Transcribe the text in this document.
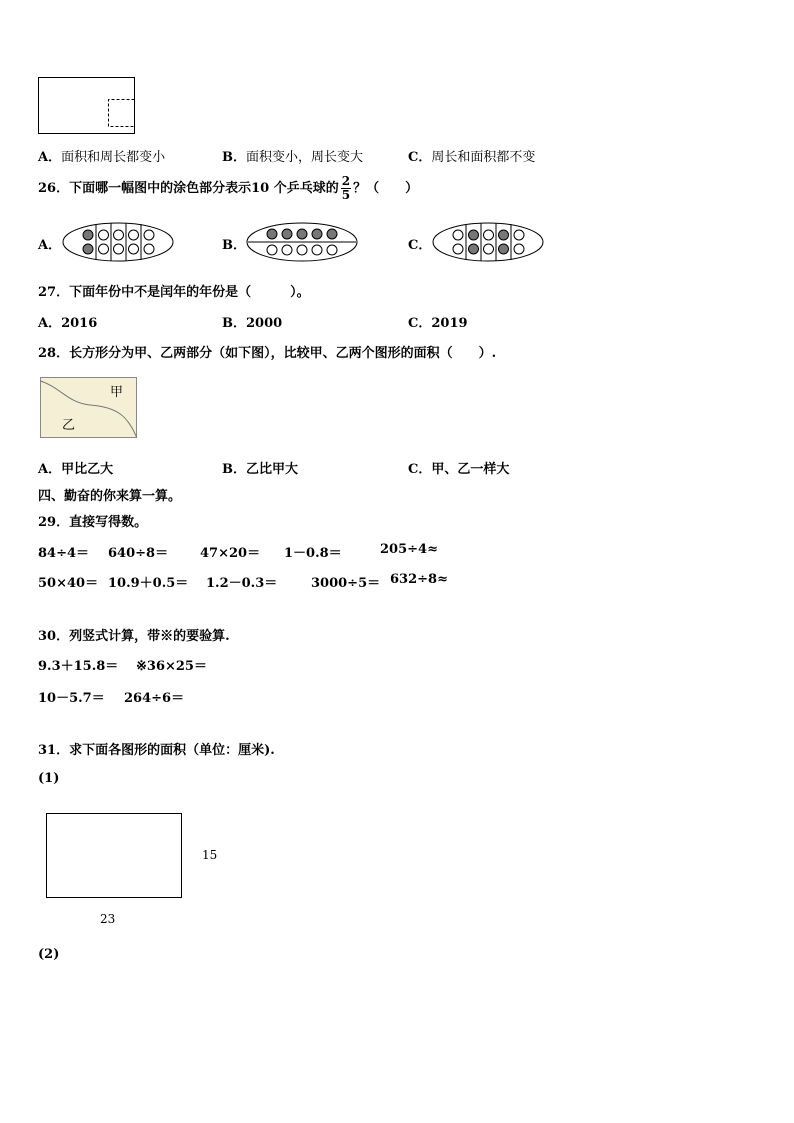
A．面积和周长都变小	B．面积变小，周长变大	C．周长和面积都不变
26．下面哪一幅图中的涂色部分表示10 个乒乓球的 $\frac{2}{5}$ ？（　　）
A．	B．	C．
27．下面年份中不是闰年的年份是（　　　）。
A．2016	B．2000	C．2019
28．长方形分为甲、乙两部分（如下图），比较甲、乙两个图形的面积（　　）.
甲
乙
A．甲比乙大	B．乙比甲大	C．甲、乙一样大
四、勤奋的你来算一算。
29．直接写得数。
84÷4＝ 640÷8＝ 47×20＝ 1－0.8＝	205÷4≈
50×40＝ 10.9＋0.5＝ 1.2－0.3＝	3000÷5＝ 632÷8≈
30．列竖式计算，带※的要验算.
9.3＋15.8＝ ※36×25＝
10－5.7＝ 264÷6＝
31．求下面各图形的面积（单位：厘米).
(1)
15
23
(2)
